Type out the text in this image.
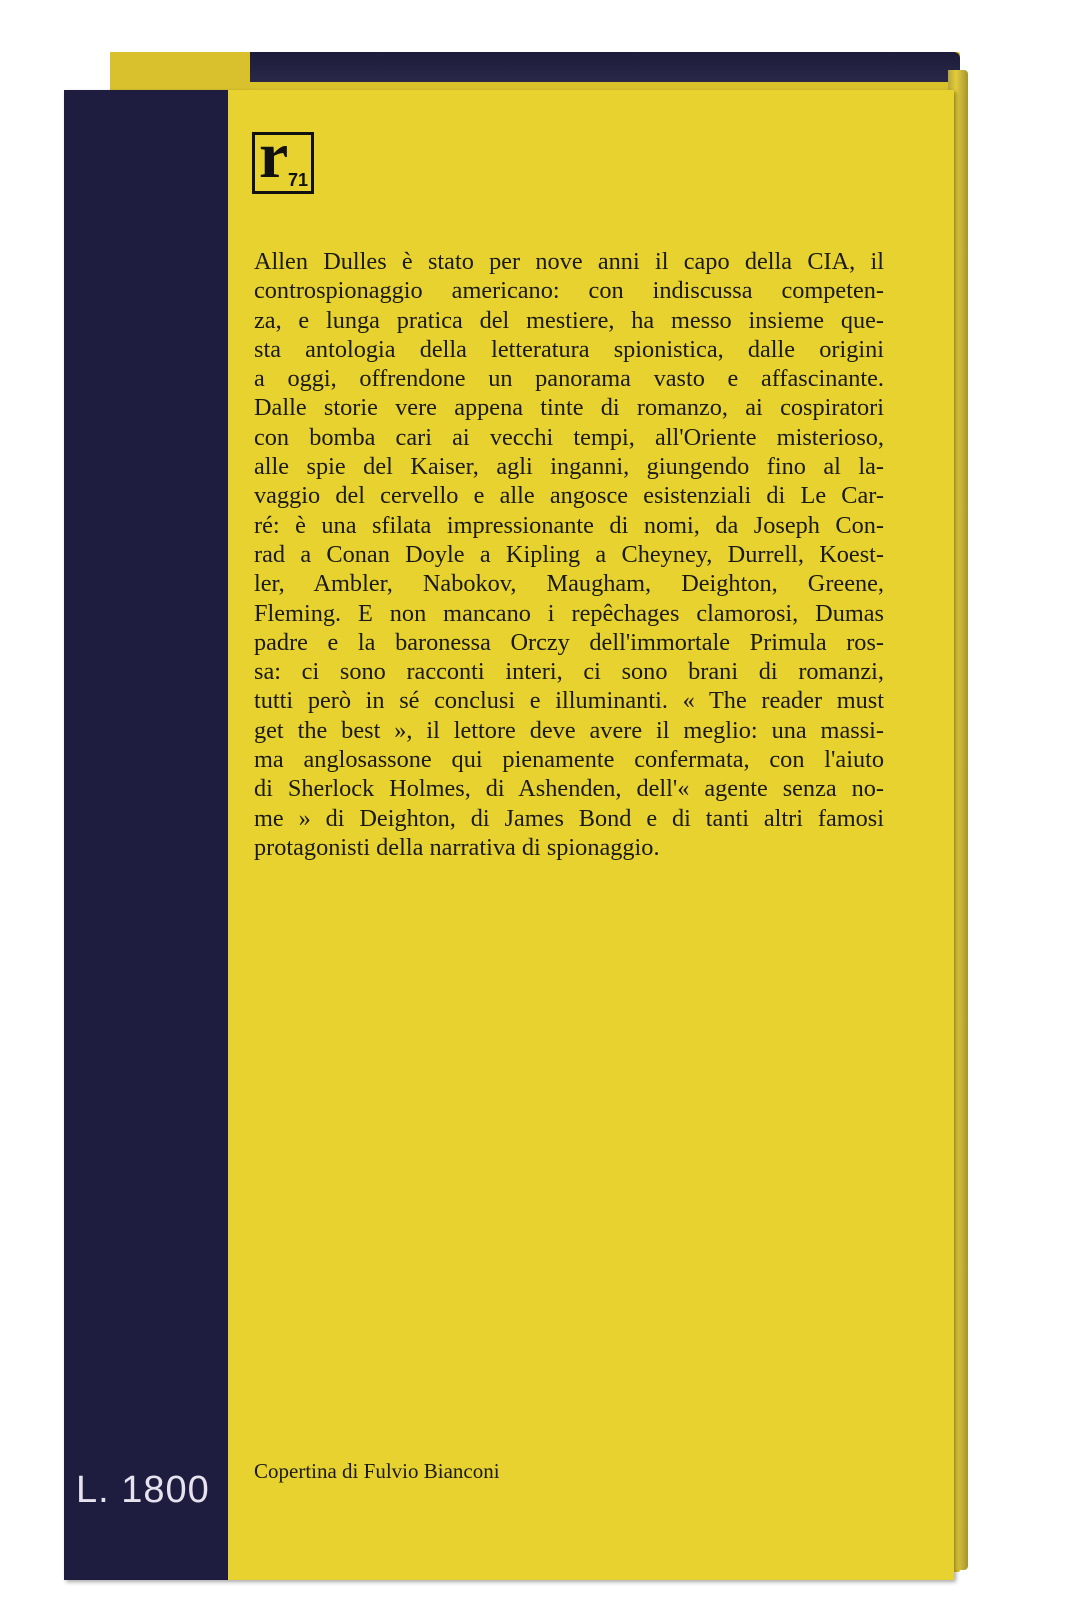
L. 1800
r 71

Allen Dulles è stato per nove anni il capo della CIA, il
controspionaggio americano: con indiscussa competen-
za, e lunga pratica del mestiere, ha messo insieme que-
sta antologia della letteratura spionistica, dalle origini
a oggi, offrendone un panorama vasto e affascinante.
Dalle storie vere appena tinte di romanzo, ai cospiratori
con bomba cari ai vecchi tempi, all'Oriente misterioso,
alle spie del Kaiser, agli inganni, giungendo fino al la-
vaggio del cervello e alle angosce esistenziali di Le Car-
ré: è una sfilata impressionante di nomi, da Joseph Con-
rad a Conan Doyle a Kipling a Cheyney, Durrell, Koest-
ler, Ambler, Nabokov, Maugham, Deighton, Greene,
Fleming. E non mancano i repêchages clamorosi, Dumas
padre e la baronessa Orczy dell'immortale Primula ros-
sa: ci sono racconti interi, ci sono brani di romanzi,
tutti però in sé conclusi e illuminanti. « The reader must
get the best », il lettore deve avere il meglio: una massi-
ma anglosassone qui pienamente confermata, con l'aiuto
di Sherlock Holmes, di Ashenden, dell'« agente senza no-
me » di Deighton, di James Bond e di tanti altri famosi
protagonisti della narrativa di spionaggio.

Copertina di Fulvio Bianconi
